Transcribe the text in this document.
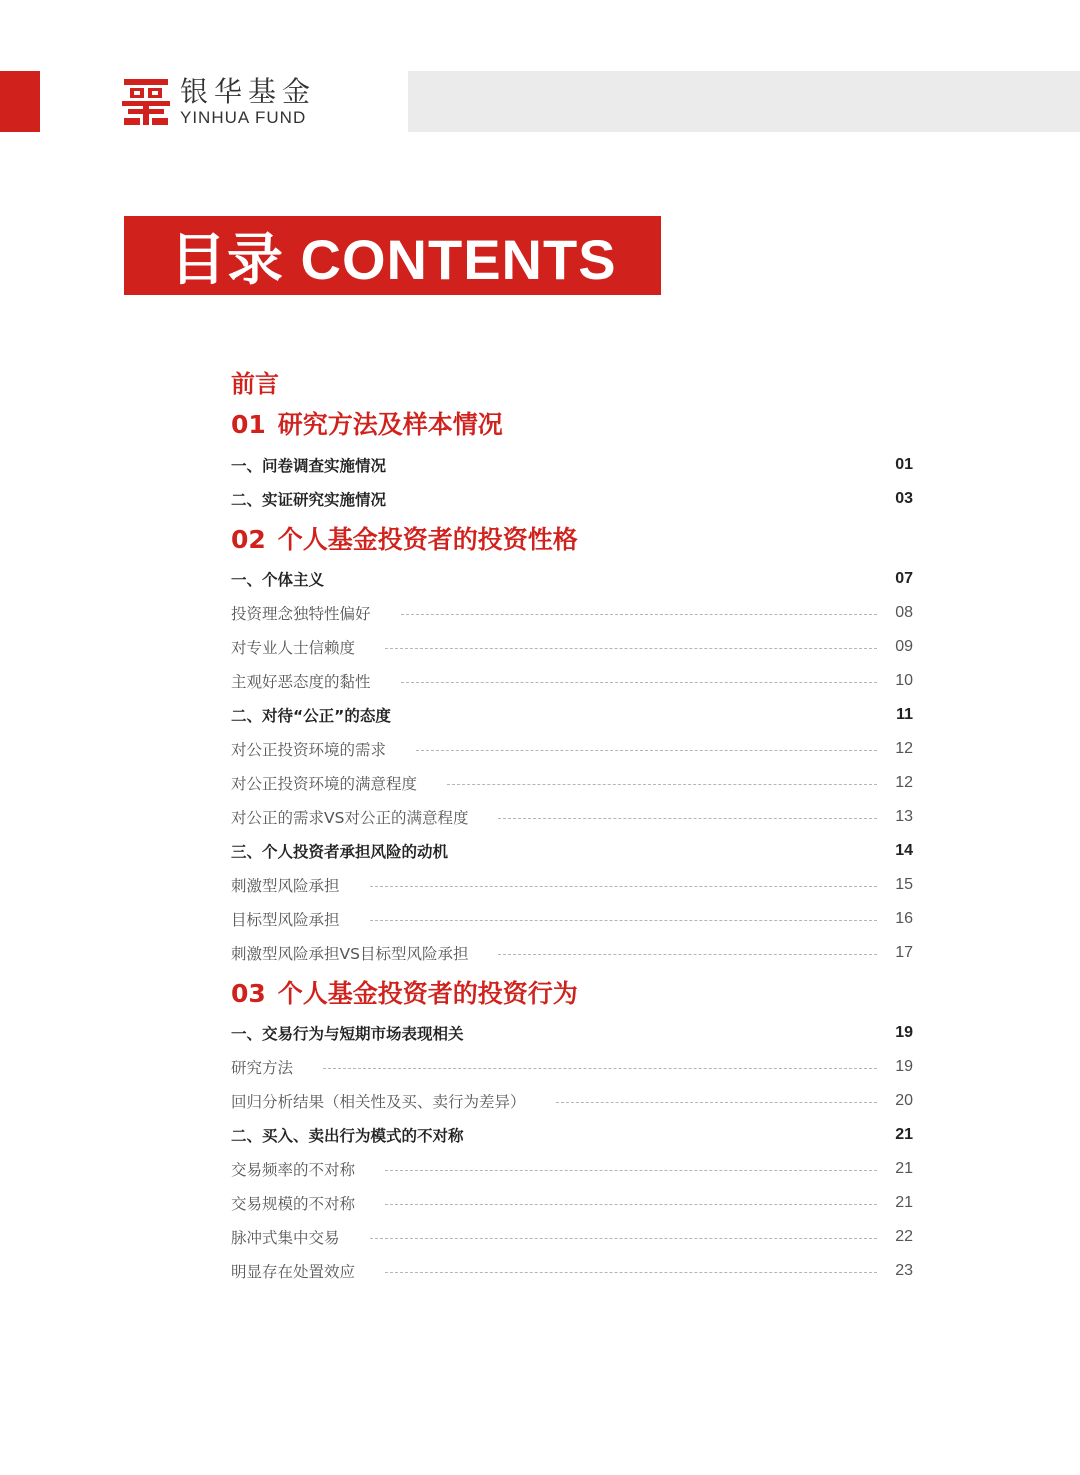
银华基金
YINHUA FUND
目录 CONTENTS
前言
01 研究方法及样本情况
一、问卷调查实施情况	01
二、实证研究实施情况	03
02 个人基金投资者的投资性格
一、个体主义	07
投资理念独特性偏好	08
对专业人士信赖度	09
主观好恶态度的黏性	10
二、对待“公正”的态度	11
对公正投资环境的需求	12
对公正投资环境的满意程度	12
对公正的需求VS对公正的满意程度	13
三、个人投资者承担风险的动机	14
刺激型风险承担	15
目标型风险承担	16
刺激型风险承担VS目标型风险承担	17
03 个人基金投资者的投资行为
一、交易行为与短期市场表现相关	19
研究方法	19
回归分析结果（相关性及买、卖行为差异）	20
二、买入、卖出行为模式的不对称	21
交易频率的不对称	21
交易规模的不对称	21
脉冲式集中交易	22
明显存在处置效应	23
